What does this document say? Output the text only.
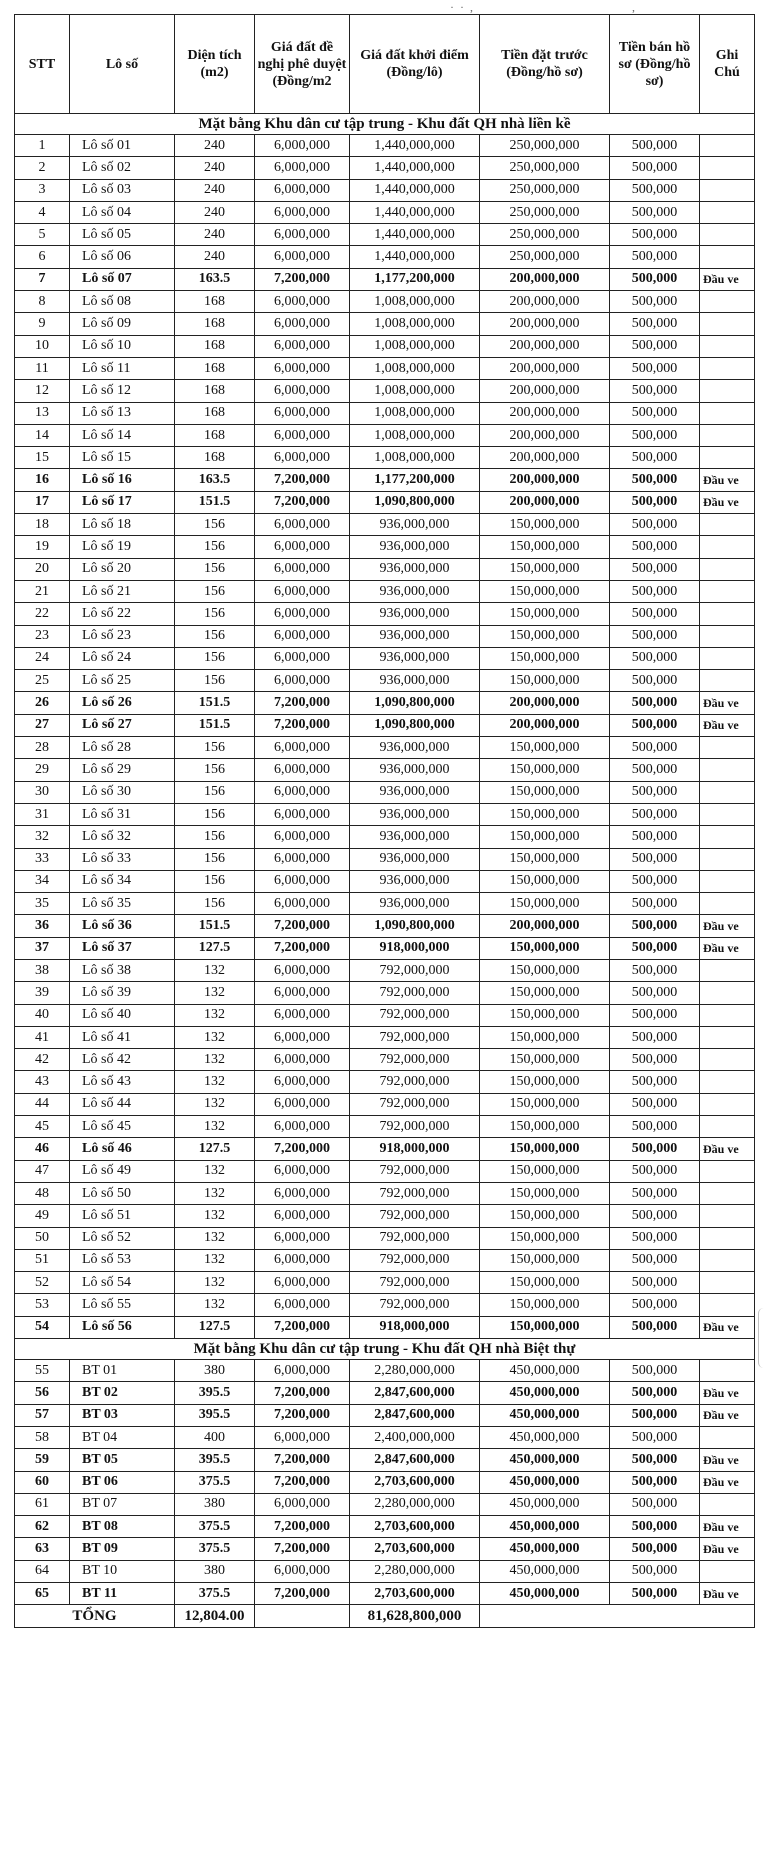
·  ·  ,                                                     ,
STT	Lô số	Diện tích (m2)	Giá đất đề nghị phê duyệt (Đồng/m2	Giá đất khởi điểm (Đồng/lô)	Tiền đặt trước (Đồng/hồ sơ)	Tiền bán hồ sơ (Đồng/hồ sơ)	Ghi Chú
Mặt bằng Khu dân cư tập trung - Khu đất QH nhà liền kề							
1	Lô số 01	240	6,000,000	1,440,000,000	250,000,000	500,000	
2	Lô số 02	240	6,000,000	1,440,000,000	250,000,000	500,000	
3	Lô số 03	240	6,000,000	1,440,000,000	250,000,000	500,000	
4	Lô số 04	240	6,000,000	1,440,000,000	250,000,000	500,000	
5	Lô số 05	240	6,000,000	1,440,000,000	250,000,000	500,000	
6	Lô số 06	240	6,000,000	1,440,000,000	250,000,000	500,000	
7	Lô số 07	163.5	7,200,000	1,177,200,000	200,000,000	500,000	Đầu ve
8	Lô số 08	168	6,000,000	1,008,000,000	200,000,000	500,000	
9	Lô số 09	168	6,000,000	1,008,000,000	200,000,000	500,000	
10	Lô số 10	168	6,000,000	1,008,000,000	200,000,000	500,000	
11	Lô số 11	168	6,000,000	1,008,000,000	200,000,000	500,000	
12	Lô số 12	168	6,000,000	1,008,000,000	200,000,000	500,000	
13	Lô số 13	168	6,000,000	1,008,000,000	200,000,000	500,000	
14	Lô số 14	168	6,000,000	1,008,000,000	200,000,000	500,000	
15	Lô số 15	168	6,000,000	1,008,000,000	200,000,000	500,000	
16	Lô số 16	163.5	7,200,000	1,177,200,000	200,000,000	500,000	Đầu ve
17	Lô số 17	151.5	7,200,000	1,090,800,000	200,000,000	500,000	Đầu ve
18	Lô số 18	156	6,000,000	936,000,000	150,000,000	500,000	
19	Lô số 19	156	6,000,000	936,000,000	150,000,000	500,000	
20	Lô số 20	156	6,000,000	936,000,000	150,000,000	500,000	
21	Lô số 21	156	6,000,000	936,000,000	150,000,000	500,000	
22	Lô số 22	156	6,000,000	936,000,000	150,000,000	500,000	
23	Lô số 23	156	6,000,000	936,000,000	150,000,000	500,000	
24	Lô số 24	156	6,000,000	936,000,000	150,000,000	500,000	
25	Lô số 25	156	6,000,000	936,000,000	150,000,000	500,000	
26	Lô số 26	151.5	7,200,000	1,090,800,000	200,000,000	500,000	Đầu ve
27	Lô số 27	151.5	7,200,000	1,090,800,000	200,000,000	500,000	Đầu ve
28	Lô số 28	156	6,000,000	936,000,000	150,000,000	500,000	
29	Lô số 29	156	6,000,000	936,000,000	150,000,000	500,000	
30	Lô số 30	156	6,000,000	936,000,000	150,000,000	500,000	
31	Lô số 31	156	6,000,000	936,000,000	150,000,000	500,000	
32	Lô số 32	156	6,000,000	936,000,000	150,000,000	500,000	
33	Lô số 33	156	6,000,000	936,000,000	150,000,000	500,000	
34	Lô số 34	156	6,000,000	936,000,000	150,000,000	500,000	
35	Lô số 35	156	6,000,000	936,000,000	150,000,000	500,000	
36	Lô số 36	151.5	7,200,000	1,090,800,000	200,000,000	500,000	Đầu ve
37	Lô số 37	127.5	7,200,000	918,000,000	150,000,000	500,000	Đầu ve
38	Lô số 38	132	6,000,000	792,000,000	150,000,000	500,000	
39	Lô số 39	132	6,000,000	792,000,000	150,000,000	500,000	
40	Lô số 40	132	6,000,000	792,000,000	150,000,000	500,000	
41	Lô số 41	132	6,000,000	792,000,000	150,000,000	500,000	
42	Lô số 42	132	6,000,000	792,000,000	150,000,000	500,000	
43	Lô số 43	132	6,000,000	792,000,000	150,000,000	500,000	
44	Lô số 44	132	6,000,000	792,000,000	150,000,000	500,000	
45	Lô số 45	132	6,000,000	792,000,000	150,000,000	500,000	
46	Lô số 46	127.5	7,200,000	918,000,000	150,000,000	500,000	Đầu ve
47	Lô số 49	132	6,000,000	792,000,000	150,000,000	500,000	
48	Lô số 50	132	6,000,000	792,000,000	150,000,000	500,000	
49	Lô số 51	132	6,000,000	792,000,000	150,000,000	500,000	
50	Lô số 52	132	6,000,000	792,000,000	150,000,000	500,000	
51	Lô số 53	132	6,000,000	792,000,000	150,000,000	500,000	
52	Lô số 54	132	6,000,000	792,000,000	150,000,000	500,000	
53	Lô số 55	132	6,000,000	792,000,000	150,000,000	500,000	
54	Lô số 56	127.5	7,200,000	918,000,000	150,000,000	500,000	Đầu ve
Mặt bằng Khu dân cư tập trung - Khu đất QH nhà Biệt thự							
55	BT 01	380	6,000,000	2,280,000,000	450,000,000	500,000	
56	BT 02	395.5	7,200,000	2,847,600,000	450,000,000	500,000	Đầu ve
57	BT 03	395.5	7,200,000	2,847,600,000	450,000,000	500,000	Đầu ve
58	BT 04	400	6,000,000	2,400,000,000	450,000,000	500,000	
59	BT 05	395.5	7,200,000	2,847,600,000	450,000,000	500,000	Đầu ve
60	BT 06	375.5	7,200,000	2,703,600,000	450,000,000	500,000	Đầu ve
61	BT 07	380	6,000,000	2,280,000,000	450,000,000	500,000	
62	BT 08	375.5	7,200,000	2,703,600,000	450,000,000	500,000	Đầu ve
63	BT 09	375.5	7,200,000	2,703,600,000	450,000,000	500,000	Đầu ve
64	BT 10	380	6,000,000	2,280,000,000	450,000,000	500,000	
65	BT 11	375.5	7,200,000	2,703,600,000	450,000,000	500,000	Đầu ve
TỔNG		12,804.00		81,628,800,000			
